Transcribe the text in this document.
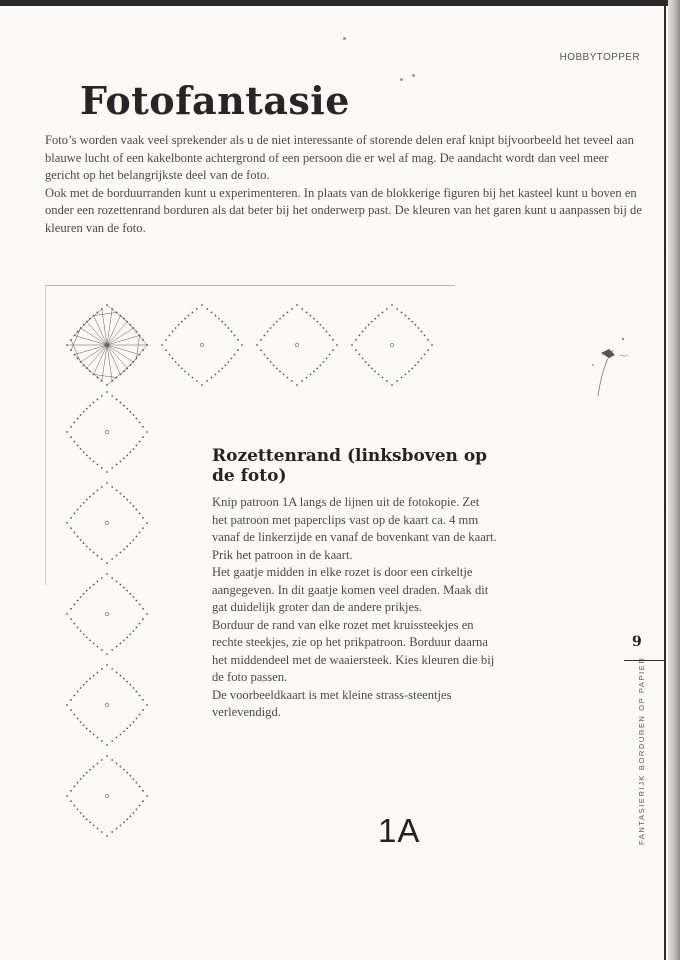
HOBBYTOPPER
Fotofantasie

Foto’s worden vaak veel sprekender als u de niet interessante of storende delen eraf knipt bijvoorbeeld het teveel aan blauwe lucht of een kakelbonte achtergrond of een persoon die er wel af mag. De aandacht wordt dan veel meer gericht op het belangrijkste deel van de foto.

Ook met de borduurranden kunt u experimenteren. In plaats van de blokkerige figuren bij het kasteel kunt u boven en onder een rozettenrand borduren als dat beter bij het onderwerp past. De kleuren van het garen kunt u aanpassen bij de kleuren van de foto.

Rozettenrand (linksboven op de foto)

Knip patroon 1A langs de lijnen uit de fotokopie. Zet het patroon met paperclips vast op de kaart ca. 4 mm vanaf de linkerzijde en vanaf de bovenkant van de kaart. Prik het patroon in de kaart.

Het gaatje midden in elke rozet is door een cirkeltje aangegeven. In dit gaatje komen veel draden. Maak dit gat duidelijk groter dan de andere prikjes.

Borduur de rand van elke rozet met kruissteekjes en rechte steekjes, zie op het prikpatroon. Borduur daarna het middendeel met de waaiersteek. Kies kleuren die bij de foto passen.

De voorbeeldkaart is met kleine strass-steentjes verlevendigd.

1A
9
FANTASIERIJK BORDUREN OP PAPIER
